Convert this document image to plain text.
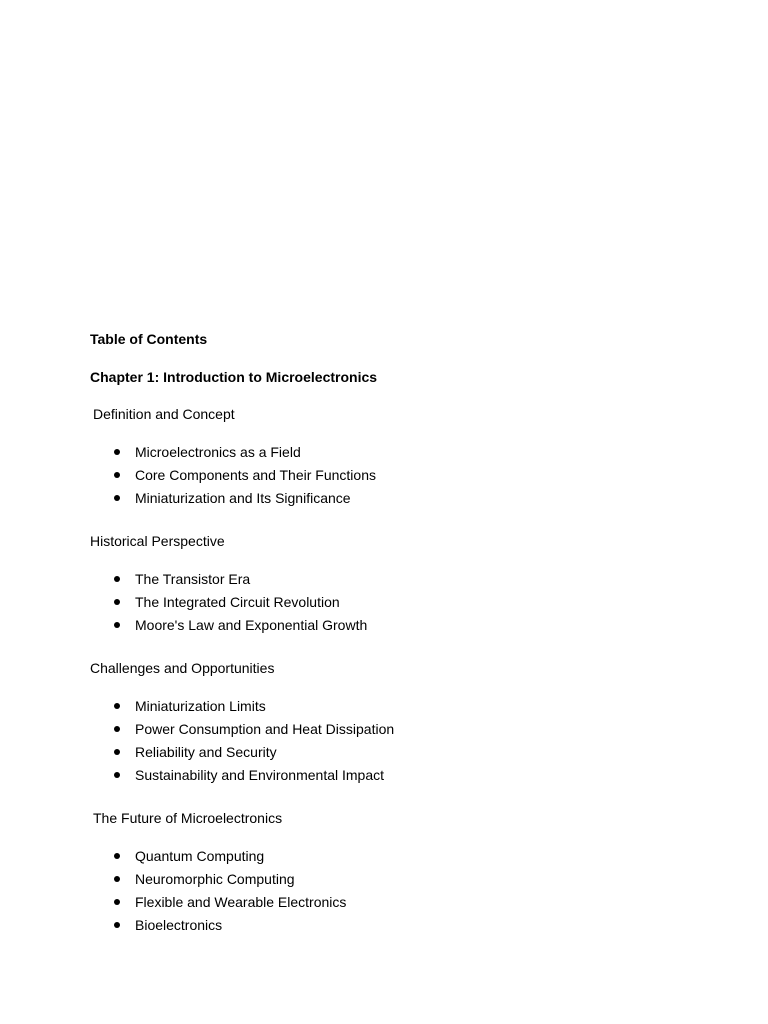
Table of Contents

Chapter 1: Introduction to Microelectronics

Definition and Concept

Microelectronics as a Field
Core Components and Their Functions
Miniaturization and Its Significance

Historical Perspective

The Transistor Era
The Integrated Circuit Revolution
Moore's Law and Exponential Growth

Challenges and Opportunities

Miniaturization Limits
Power Consumption and Heat Dissipation
Reliability and Security
Sustainability and Environmental Impact

The Future of Microelectronics

Quantum Computing
Neuromorphic Computing
Flexible and Wearable Electronics
Bioelectronics
